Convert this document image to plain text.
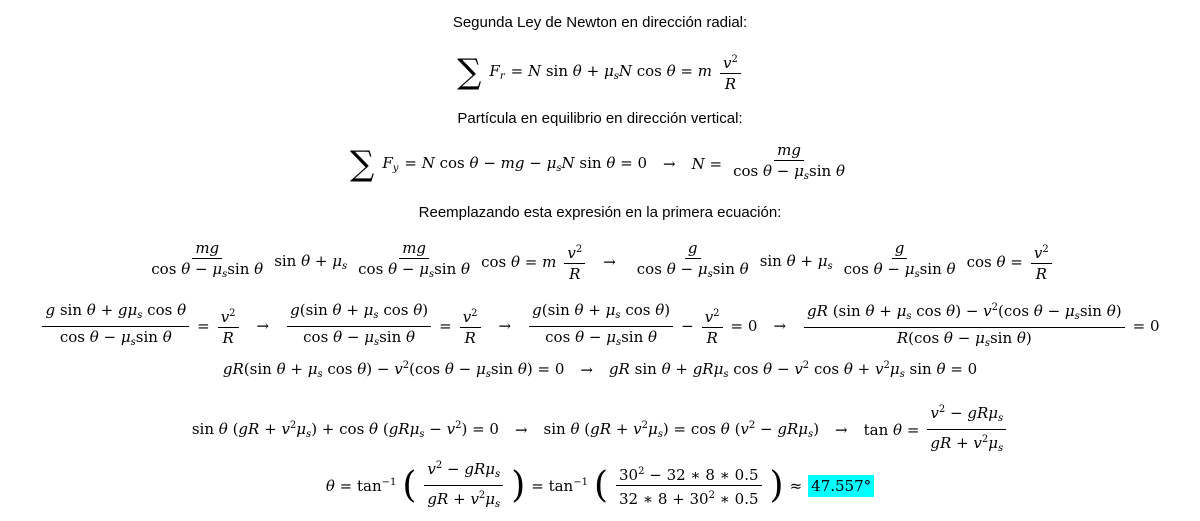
Segunda Ley de Newton en dirección radial:
∑ $F_r = N$ $\sin \theta + \mu_sN$ cos θ = m $\frac{v^2}{R}$
Partícula en equilibrio en dirección vertical:
∑ $F_y = N$ cos θ − mg − $\mu_sN$ $\sin \theta = 0 \to N = \frac{mg}{\cos \theta - \mu_s\sin \theta}$
Reemplazando esta expresión en la primera ecuación:
$\frac{mg}{\cos \theta - \mu_s\sin \theta}$ $\sin \theta + \mu_s \frac{mg}{\cos \theta - \mu_s\sin \theta}$ cos θ = m $\frac{v^2}{R} \to \frac{g}{\cos \theta - \mu_s\sin \theta}$ $\sin \theta + \mu_s \frac{g}{\cos \theta - \mu_s\sin \theta}$ $\cos \theta = \frac{v^2}{R}$
$\frac{g \sin \theta + g\mu_s \cos \theta}{\cos \theta - \mu_s\sin \theta} = \frac{v^2}{R} \to \frac{g(\sin \theta + \mu_s \cos \theta)}{\cos \theta - \mu_s\sin \theta} = \frac{v^2}{R} \to \frac{g(\sin \theta + \mu_s \cos \theta)}{\cos \theta - \mu_s\sin \theta} - \frac{v^2}{R} = 0 \to \frac{gR (\sin \theta + \mu_s \cos \theta) - v^2(\cos \theta - \mu_s\sin \theta)}{R(\cos \theta - \mu_s\sin \theta)} = 0$
gR(sin $\theta + \mu_s$ $\cos \theta) - v^2(\cos$ $\theta - \mu_s\sin$ θ) = 0 → gR sin θ + gRμ$_s$ $\cos \theta - v^2$ $\cos \theta + v^2\mu_s$ sin θ = 0
sin θ $(gR + v^2\mu_s) + \cos \theta$ $(gR\mu_s - v^2) = 0 \to \sin \theta$ $(gR + v^2\mu_s) = \cos \theta$ $(v^2 - gR\mu_s) \to \tan \theta = \frac{v^2 - gR\mu_s}{gR + v^2\mu_s}$
$\theta = \tan^{-1}$ ( $\frac{v^2 - gR\mu_s}{gR + v^2\mu_s}$ ) = $\tan^{-1}$ ( $\frac{30^2 - 32 ∗ 8 ∗ 0.5}{32 ∗ 8 + 30^2 ∗ 0.5}$ ) ≈ 47.557°
